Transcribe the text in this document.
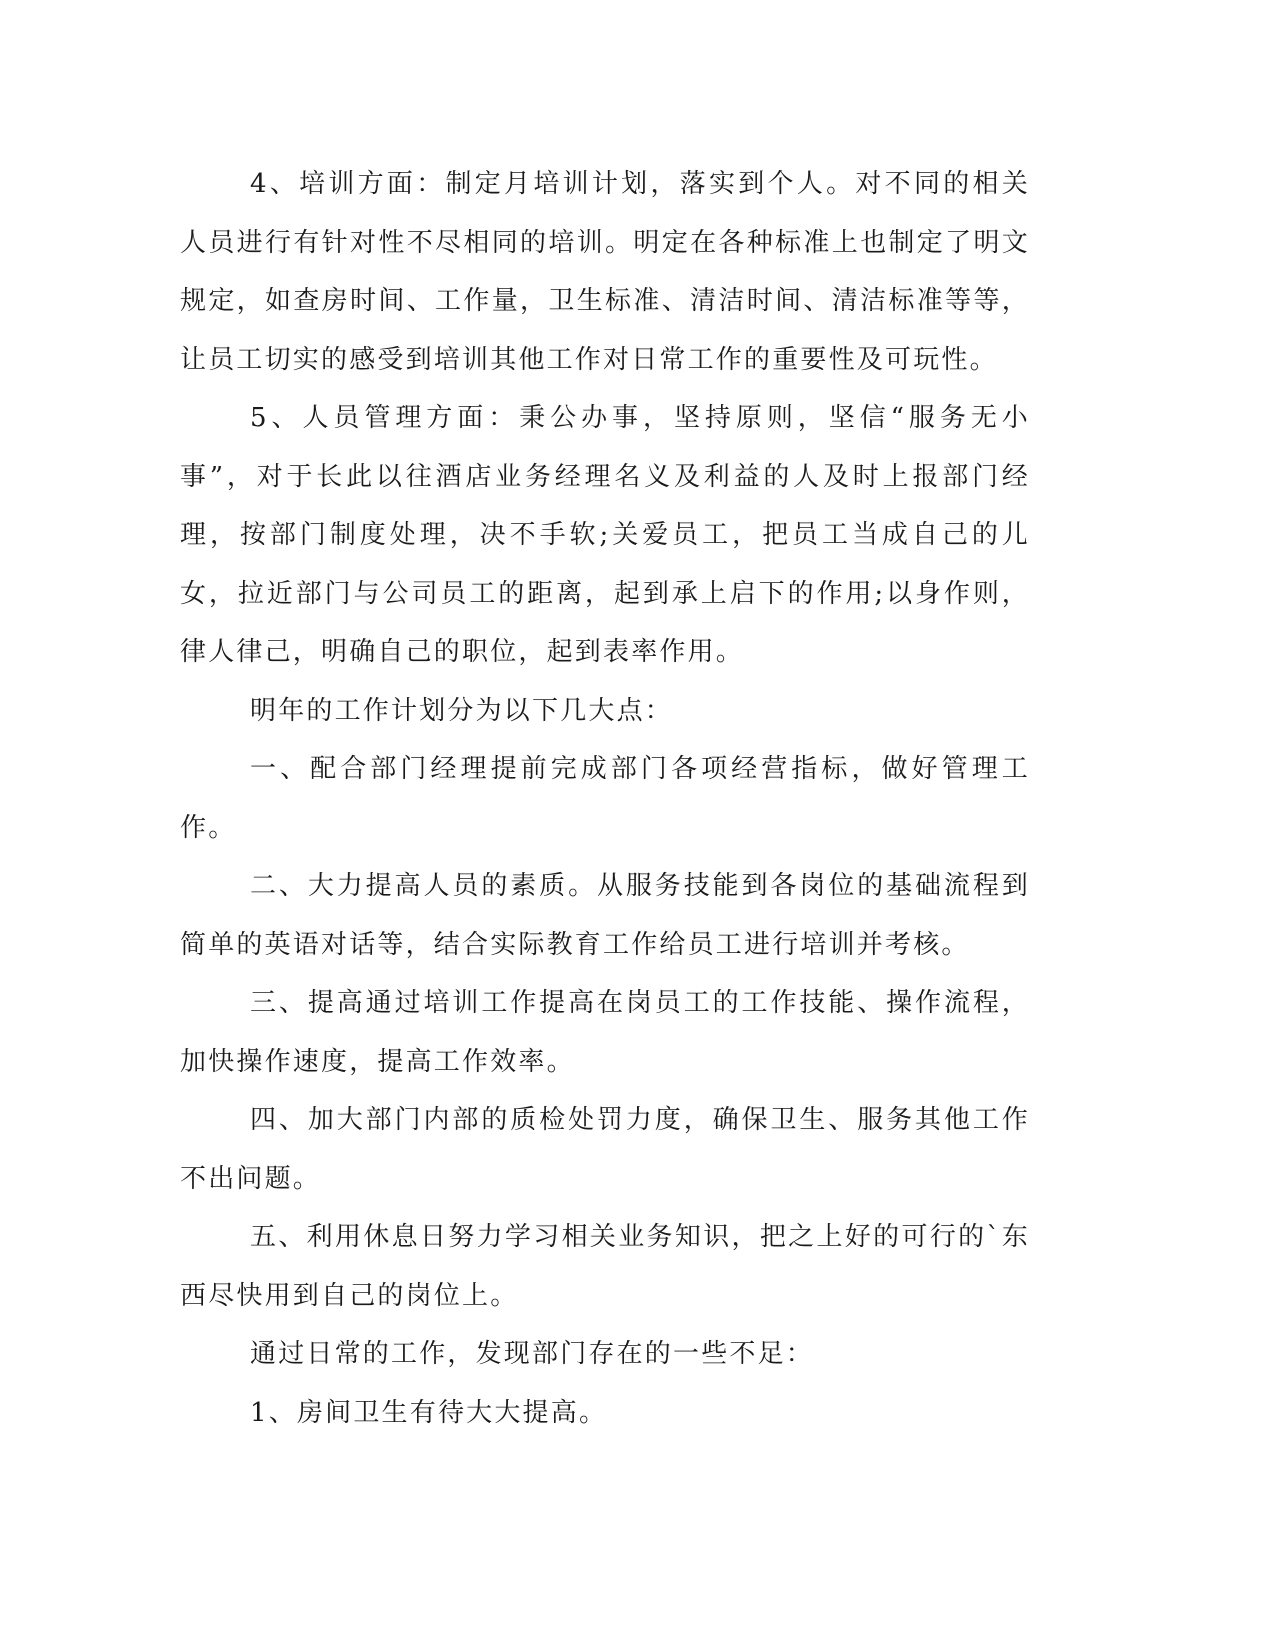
4、培训方面：制定月培训计划，落实到个人。对不同的相关人员进行有针对性不尽相同的培训。明定在各种标准上也制定了明文规定，如查房时间、工作量，卫生标准、清洁时间、清洁标准等等，让员工切实的感受到培训其他工作对日常工作的重要性及可玩性。

5、人员管理方面：秉公办事，坚持原则，坚信“服务无小事”，对于长此以往酒店业务经理名义及利益的人及时上报部门经理，按部门制度处理，决不手软;关爱员工，把员工当成自己的儿女，拉近部门与公司员工的距离，起到承上启下的作用;以身作则，律人律己，明确自己的职位，起到表率作用。

明年的工作计划分为以下几大点：

一、配合部门经理提前完成部门各项经营指标，做好管理工作。

二、大力提高人员的素质。从服务技能到各岗位的基础流程到简单的英语对话等，结合实际教育工作给员工进行培训并考核。

三、提高通过培训工作提高在岗员工的工作技能、操作流程，加快操作速度，提高工作效率。

四、加大部门内部的质检处罚力度，确保卫生、服务其他工作不出问题。

五、利用休息日努力学习相关业务知识，把之上好的可行的`东西尽快用到自己的岗位上。

通过日常的工作，发现部门存在的一些不足：

1、房间卫生有待大大提高。
